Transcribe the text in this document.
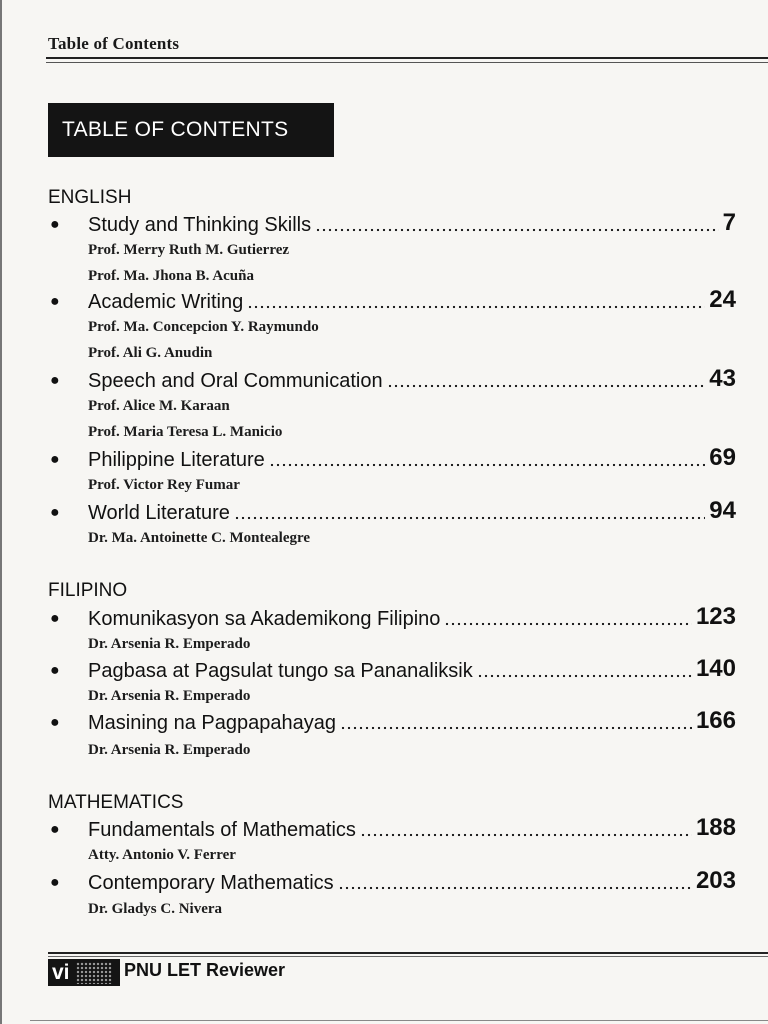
Table of Contents
TABLE OF CONTENTS
ENGLISH
●	Study and Thinking Skills	7
Prof. Merry Ruth M. Gutierrez
Prof. Ma. Jhona B. Acuña
●	Academic Writing	24
Prof. Ma. Concepcion Y. Raymundo
Prof. Ali G. Anudin
●	Speech and Oral Communication	43
Prof. Alice M. Karaan
Prof. Maria Teresa L. Manicio
●	Philippine Literature	69
Prof. Victor Rey Fumar
●	World Literature	94
Dr. Ma. Antoinette C. Montealegre
FILIPINO
●	Komunikasyon sa Akademikong Filipino	123
Dr. Arsenia R. Emperado
●	Pagbasa at Pagsulat tungo sa Pananaliksik	140
Dr. Arsenia R. Emperado
●	Masining na Pagpapahayag	166
Dr. Arsenia R. Emperado
MATHEMATICS
●	Fundamentals of Mathematics	188
Atty. Antonio V. Ferrer
●	Contemporary Mathematics	203
Dr. Gladys C. Nivera
vi	PNU LET Reviewer
